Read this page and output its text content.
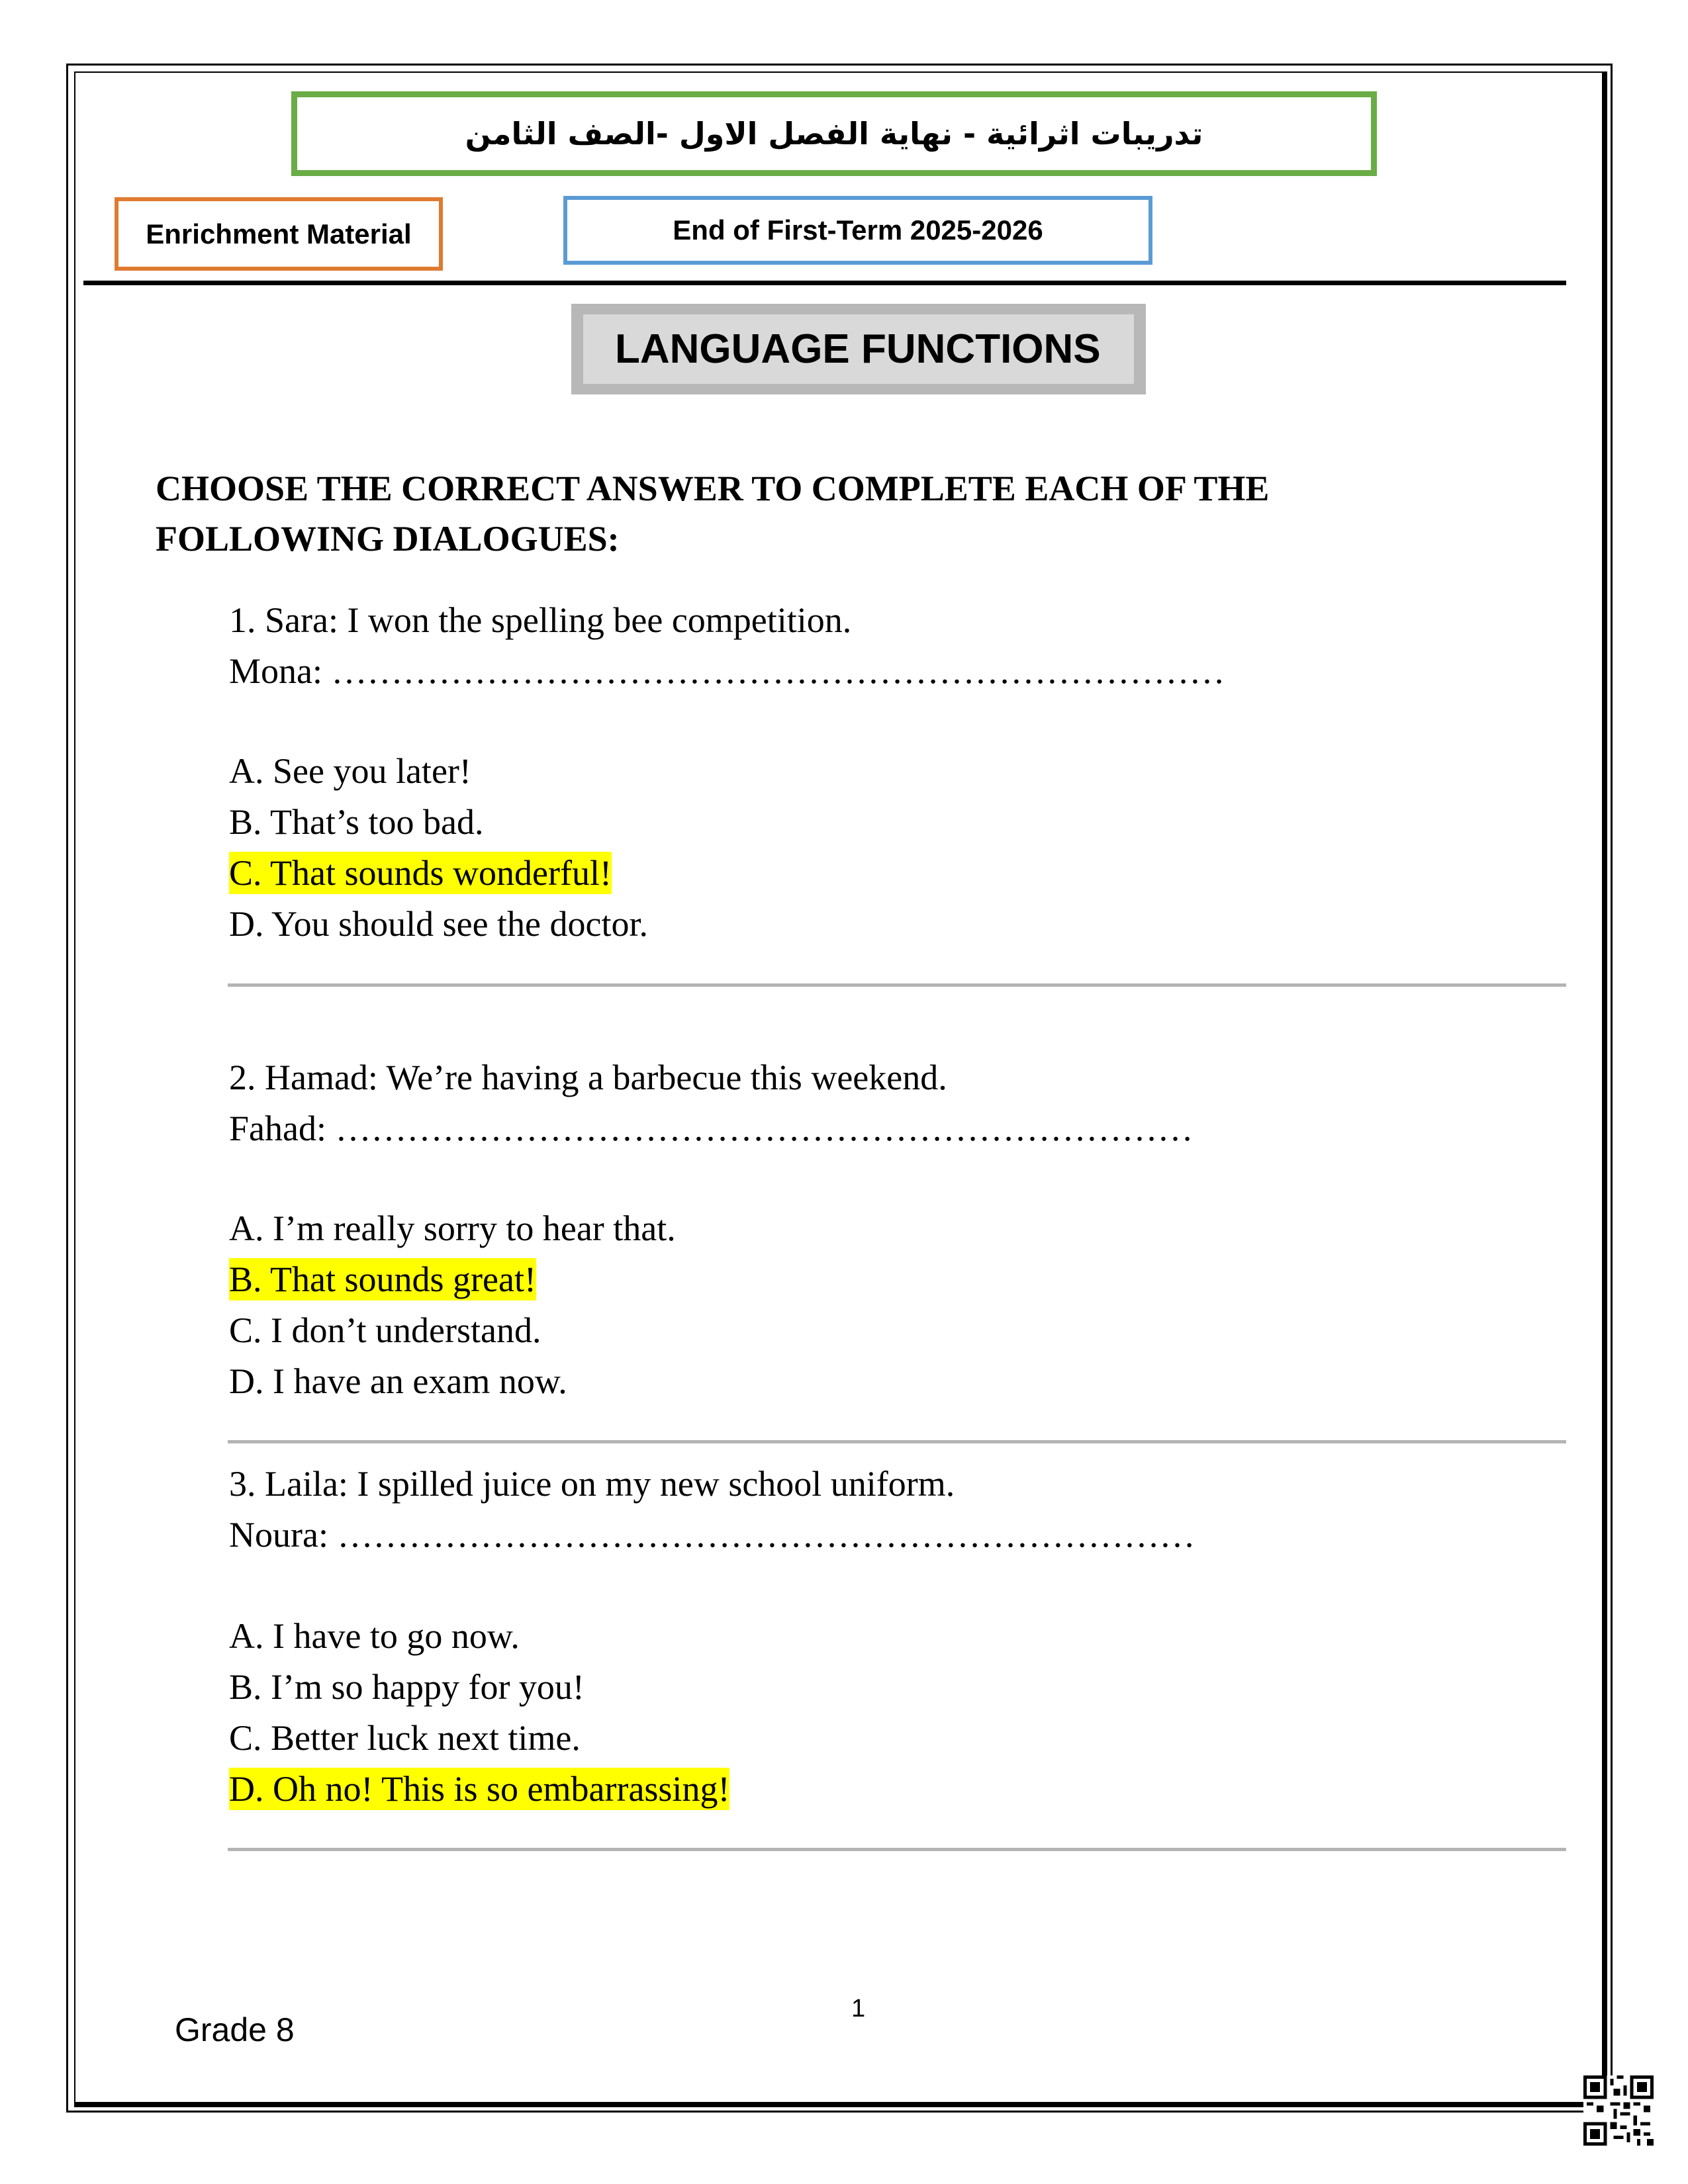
تدريبات اثرائية - نهاية الفصل الاول -الصف الثامن
Enrichment Material	End of First-Term 2025-2026
LANGUAGE FUNCTIONS
CHOOSE THE CORRECT ANSWER TO COMPLETE EACH OF THE FOLLOWING DIALOGUES:
1. Sara: I won the spelling bee competition.
Mona: …………………………………………………………………
A. See you later!
B. That’s too bad.
C. That sounds wonderful!
D. You should see the doctor.
2. Hamad: We’re having a barbecue this weekend.
Fahad: ………………………………………………………………
A. I’m really sorry to hear that.
B. That sounds great!
C. I don’t understand.
D. I have an exam now.
3. Laila: I spilled juice on my new school uniform.
Noura: ………………………………………………………………
A. I have to go now.
B. I’m so happy for you!
C. Better luck next time.
D. Oh no! This is so embarrassing!
Grade 8
1
